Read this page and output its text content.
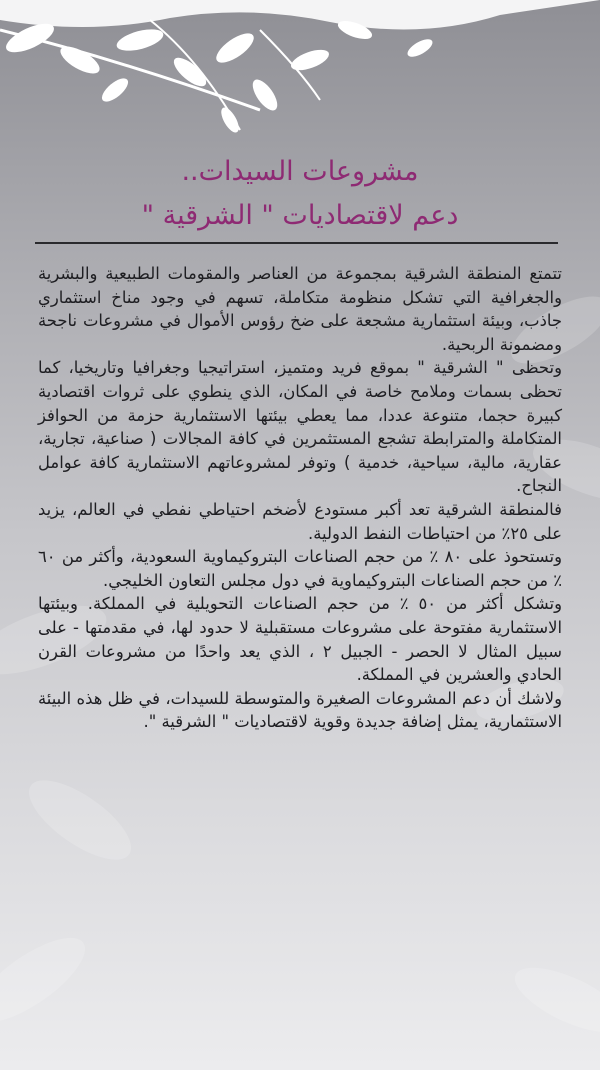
مشروعات السيدات..
دعم لاقتصاديات " الشرقية "

تتمتع المنطقة الشرقية بمجموعة من العناصر والمقومات الطبيعية والبشرية والجغرافية التي تشكل منظومة متكاملة، تسهم في وجود مناخ استثماري جاذب، وبيئة استثمارية مشجعة على ضخ رؤوس الأموال في مشروعات ناجحة ومضمونة الربحية.

وتحظى " الشرقية " بموقع فريد ومتميز، استراتيجيا وجغرافيا وتاريخيا، كما تحظى بسمات وملامح خاصة في المكان، الذي ينطوي على ثروات اقتصادية كبيرة حجما، متنوعة عددا، مما يعطي بيئتها الاستثمارية حزمة من الحوافز المتكاملة والمترابطة تشجع المستثمرين في كافة المجالات ( صناعية، تجارية، عقارية، مالية، سياحية، خدمية ) وتوفر لمشروعاتهم الاستثمارية كافة عوامل النجاح.

فالمنطقة الشرقية تعد أكبر مستودع لأضخم احتياطي نفطي في العالم، يزيد على ٢٥٪ من احتياطات النفط الدولية.

وتستحوذ على ٨٠ ٪ من حجم الصناعات البتروكيماوية السعودية، وأكثر من ٦٠ ٪ من حجم الصناعات البتروكيماوية في دول مجلس التعاون الخليجي.

وتشكل أكثر من ٥٠ ٪ من حجم الصناعات التحويلية في المملكة. وبيئتها الاستثمارية مفتوحة على مشروعات مستقبلية لا حدود لها، في مقدمتها - على سبيل المثال لا الحصر - الجبيل ٢ ، الذي يعد واحدًا من مشروعات القرن الحادي والعشرين في المملكة.

ولاشك أن دعم المشروعات الصغيرة والمتوسطة للسيدات، في ظل هذه البيئة الاستثمارية، يمثل إضافة جديدة وقوية لاقتصاديات " الشرقية ".
